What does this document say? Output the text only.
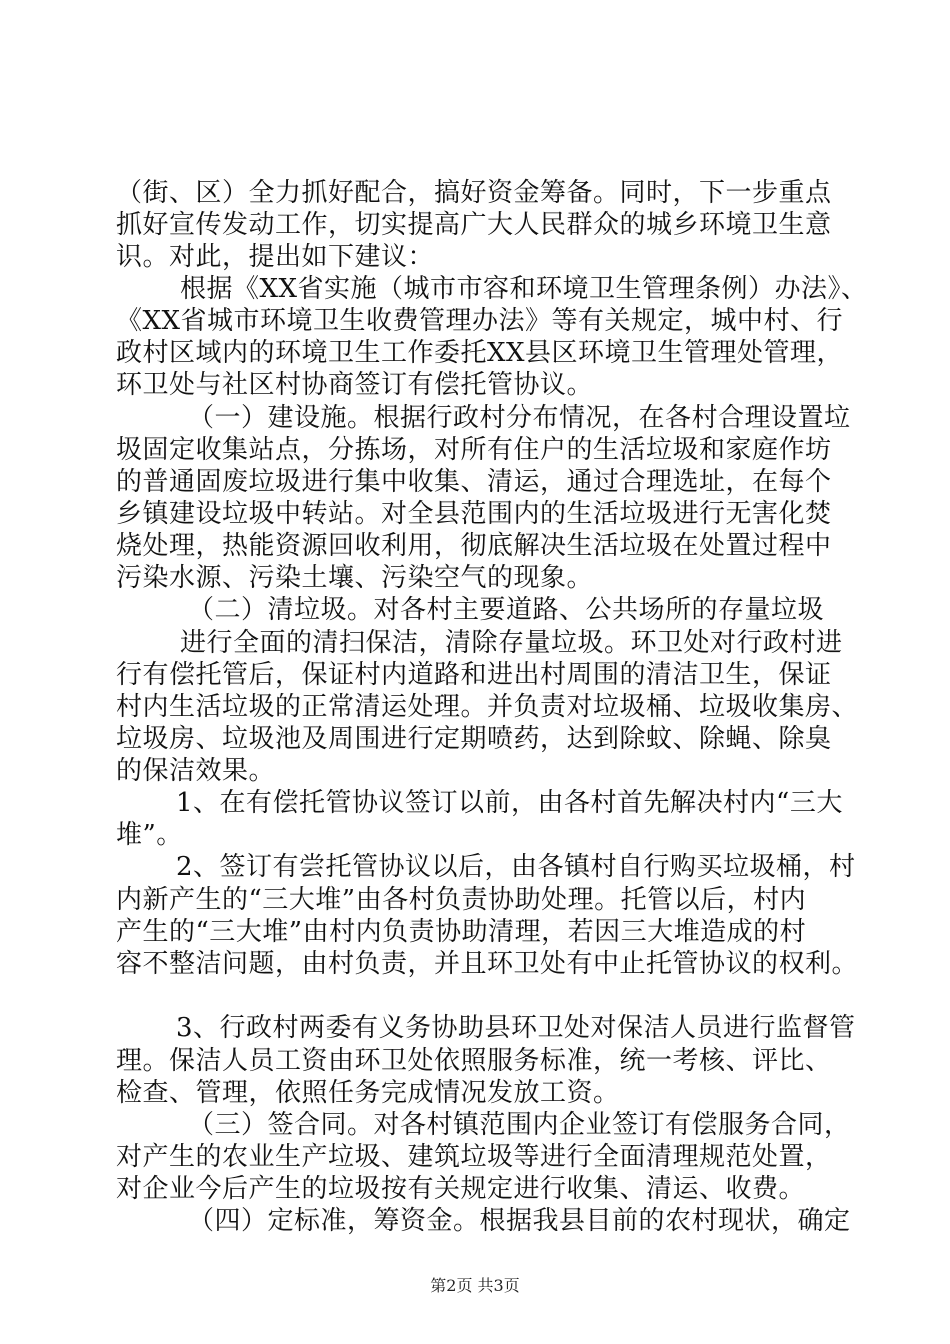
（街、区）全力抓好配合，搞好资金筹备。同时，下一步重点
抓好宣传发动工作，切实提高广大人民群众的城乡环境卫生意
识。对此，提出如下建议：
根据《XX省实施（城市市容和环境卫生管理条例）办法》、
《XX省城市环境卫生收费管理办法》等有关规定，城中村、行
政村区域内的环境卫生工作委托XX县区环境卫生管理处管理，
环卫处与社区村协商签订有偿托管协议。
（一）建设施。根据行政村分布情况，在各村合理设置垃
圾固定收集站点，分拣场，对所有住户的生活垃圾和家庭作坊
的普通固废垃圾进行集中收集、清运，通过合理选址，在每个
乡镇建设垃圾中转站。对全县范围内的生活垃圾进行无害化焚
烧处理，热能资源回收利用，彻底解决生活垃圾在处置过程中
污染水源、污染土壤、污染空气的现象。
（二）清垃圾。对各村主要道路、公共场所的存量垃圾
进行全面的清扫保洁，清除存量垃圾。环卫处对行政村进
行有偿托管后，保证村内道路和进出村周围的清洁卫生，保证
村内生活垃圾的正常清运处理。并负责对垃圾桶、垃圾收集房、
垃圾房、垃圾池及周围进行定期喷药，达到除蚊、除蝇、除臭
的保洁效果。
1、在有偿托管协议签订以前，由各村首先解决村内“三大
堆”。
2、签订有尝托管协议以后，由各镇村自行购买垃圾桶，村
内新产生的“三大堆”由各村负责协助处理。托管以后，村内
产生的“三大堆”由村内负责协助清理，若因三大堆造成的村
容不整洁问题，由村负责，并且环卫处有中止托管协议的权利。
3、行政村两委有义务协助县环卫处对保洁人员进行监督管
理。保洁人员工资由环卫处依照服务标准，统一考核、评比、
检查、管理，依照任务完成情况发放工资。
（三）签合同。对各村镇范围内企业签订有偿服务合同，
对产生的农业生产垃圾、建筑垃圾等进行全面清理规范处置，
对企业今后产生的垃圾按有关规定进行收集、清运、收费。
（四）定标准，筹资金。根据我县目前的农村现状，确定
第2页 共3页
